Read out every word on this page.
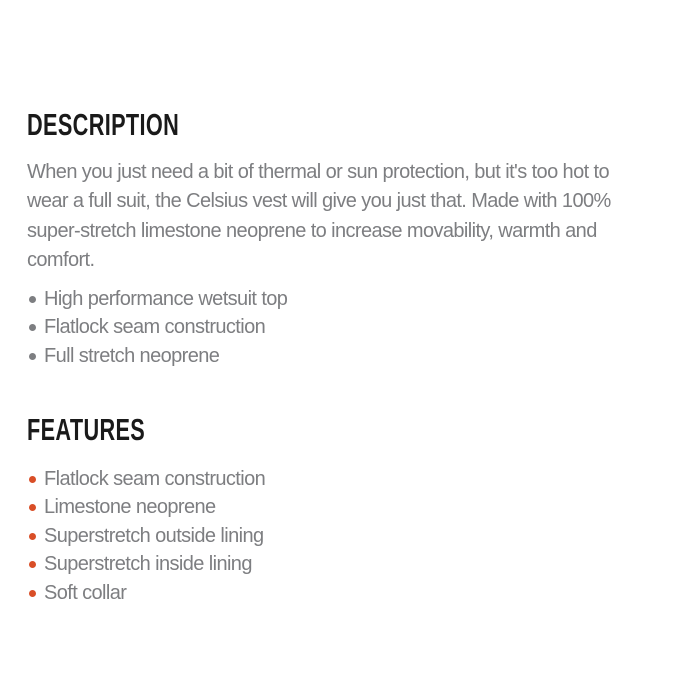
DESCRIPTION
When you just need a bit of thermal or sun protection, but it's too hot to
wear a full suit, the Celsius vest will give you just that. Made with 100%
super-stretch limestone neoprene to increase movability, warmth and
comfort.
High performance wetsuit top
Flatlock seam construction
Full stretch neoprene
FEATURES
Flatlock seam construction
Limestone neoprene
Superstretch outside lining
Superstretch inside lining
Soft collar
